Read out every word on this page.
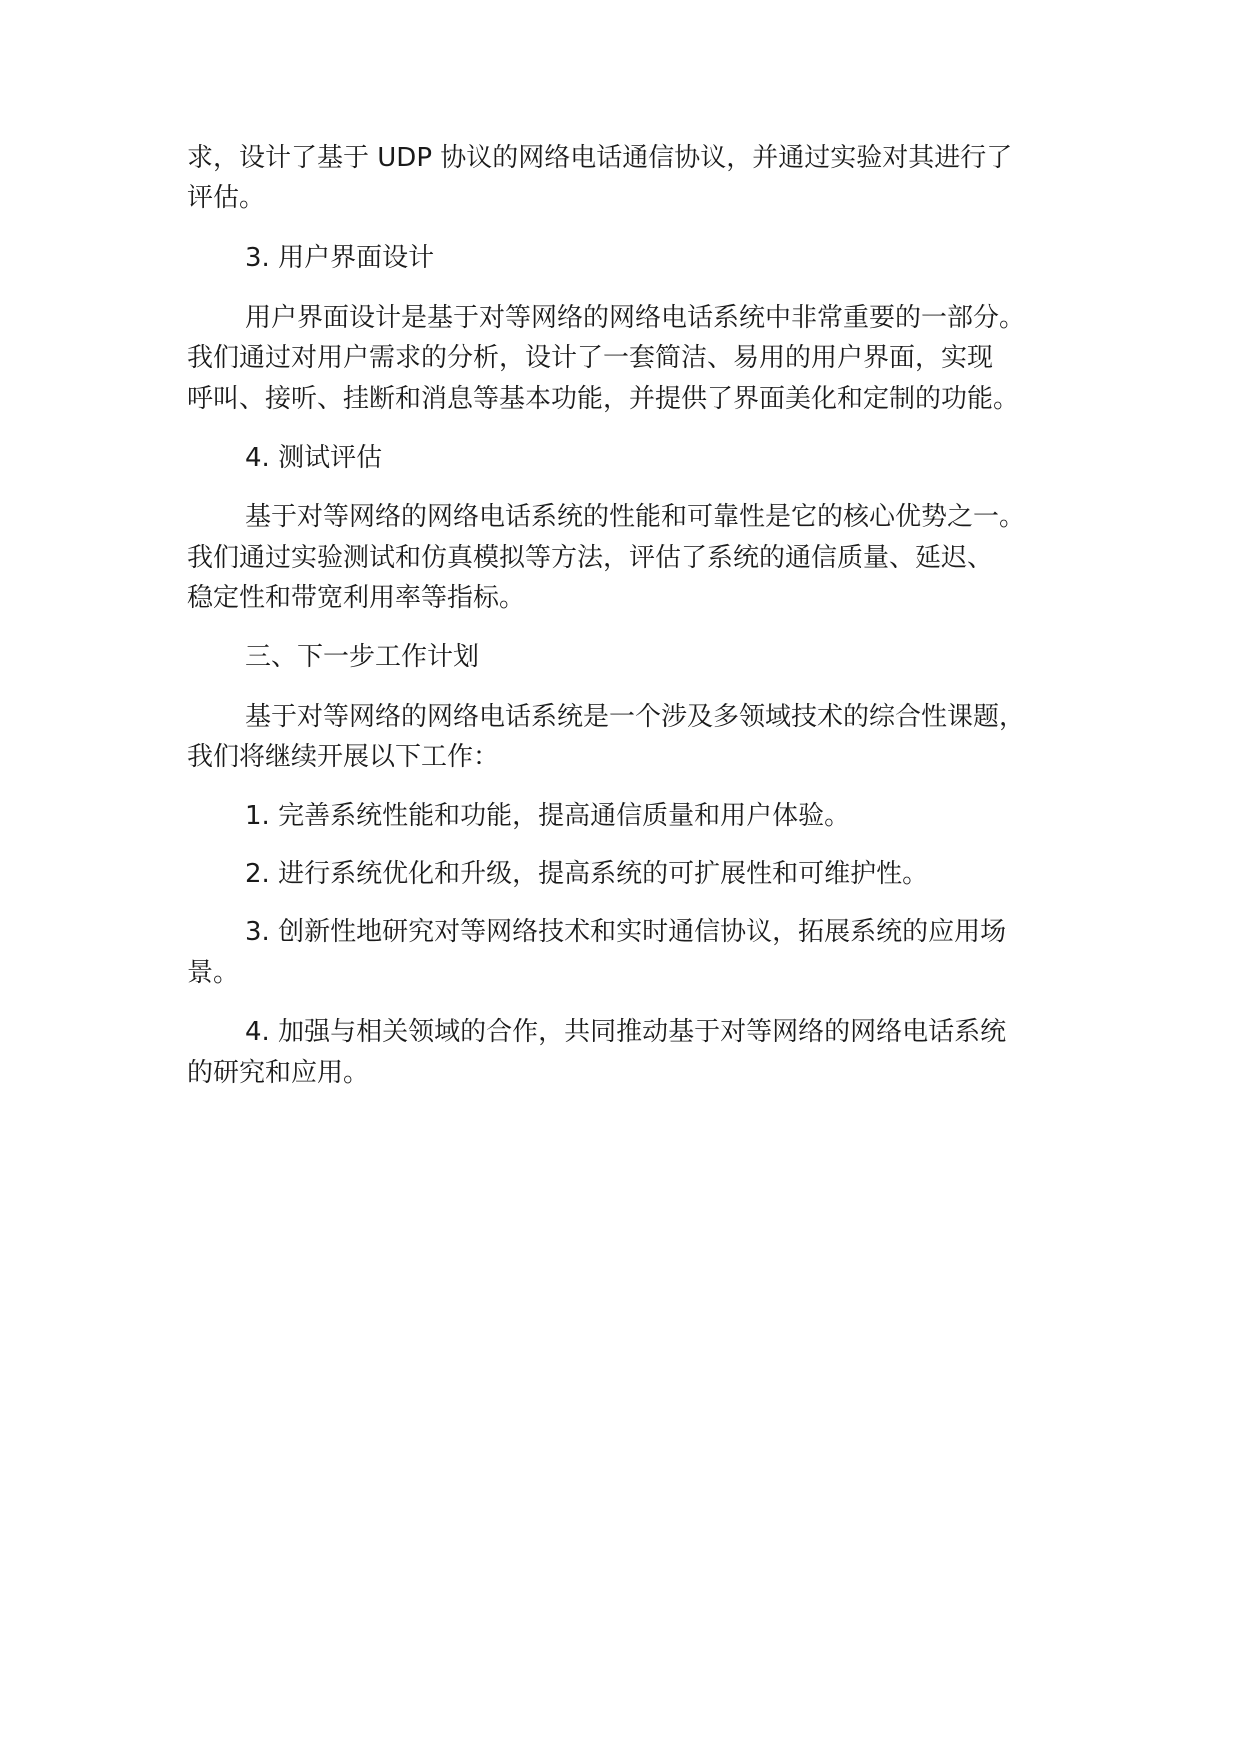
求，设计了基于 UDP 协议的网络电话通信协议，并通过实验对其进行了
评估。
3. 用户界面设计
用户界面设计是基于对等网络的网络电话系统中非常重要的一部分。
我们通过对用户需求的分析，设计了一套简洁、易用的用户界面，实现
呼叫、接听、挂断和消息等基本功能，并提供了界面美化和定制的功能。
4. 测试评估
基于对等网络的网络电话系统的性能和可靠性是它的核心优势之一。
我们通过实验测试和仿真模拟等方法，评估了系统的通信质量、延迟、
稳定性和带宽利用率等指标。
三、下一步工作计划
基于对等网络的网络电话系统是一个涉及多领域技术的综合性课题，
我们将继续开展以下工作：
1. 完善系统性能和功能，提高通信质量和用户体验。
2. 进行系统优化和升级，提高系统的可扩展性和可维护性。
3. 创新性地研究对等网络技术和实时通信协议，拓展系统的应用场
景。
4. 加强与相关领域的合作，共同推动基于对等网络的网络电话系统
的研究和应用。
